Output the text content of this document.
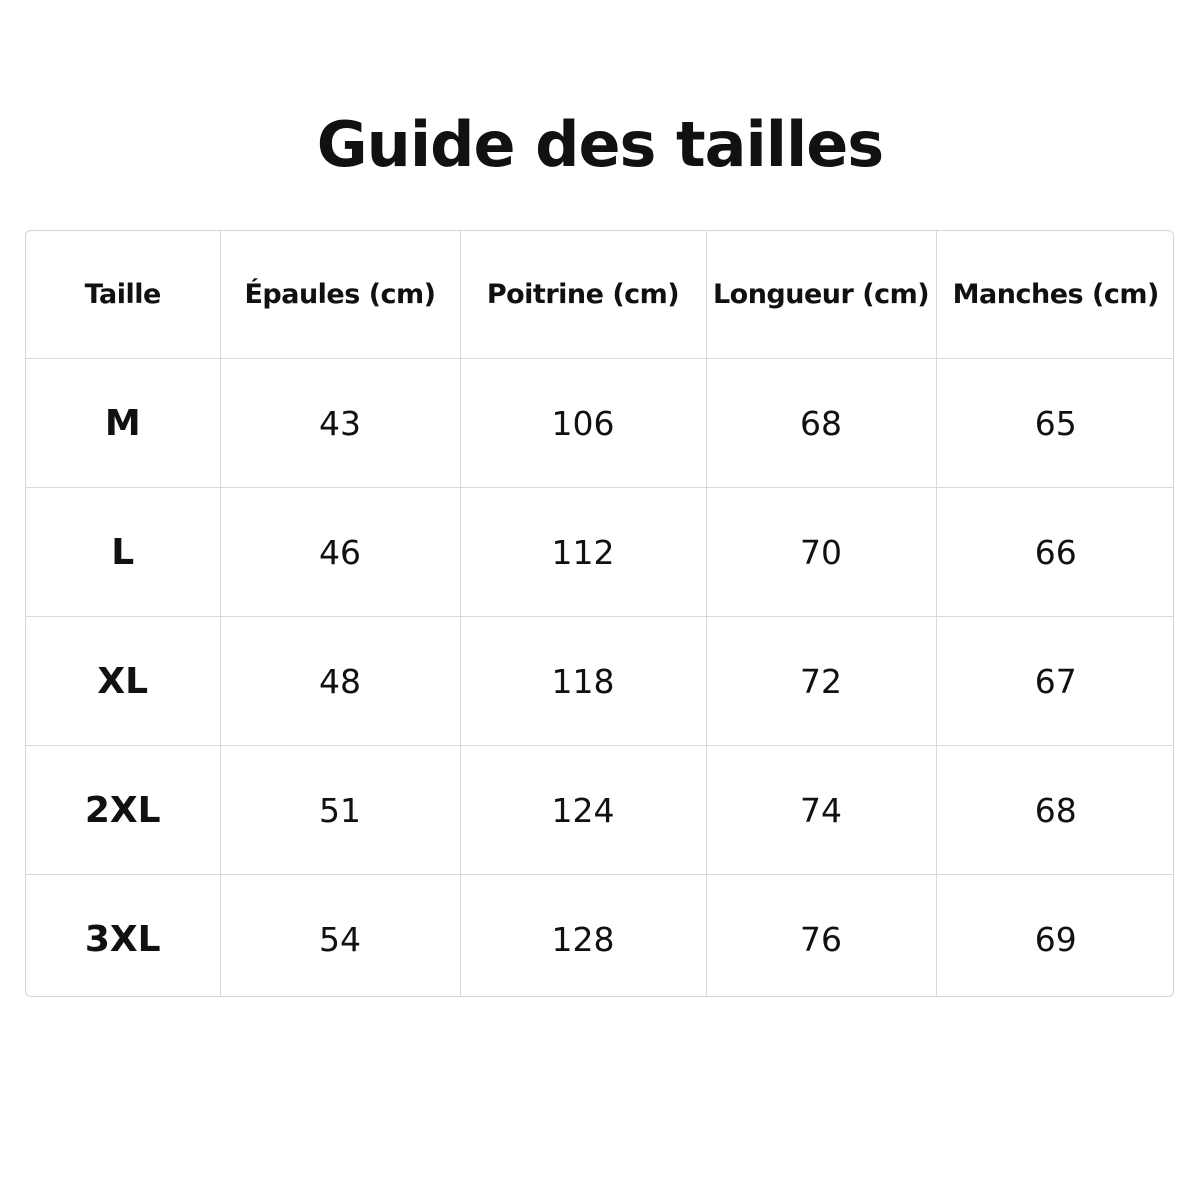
Guide des tailles
Taille	Épaules (cm)	Poitrine (cm)	Longueur (cm)	Manches (cm)
M	43	106	68	65
L	46	112	70	66
XL	48	118	72	67
2XL	51	124	74	68
3XL	54	128	76	69
